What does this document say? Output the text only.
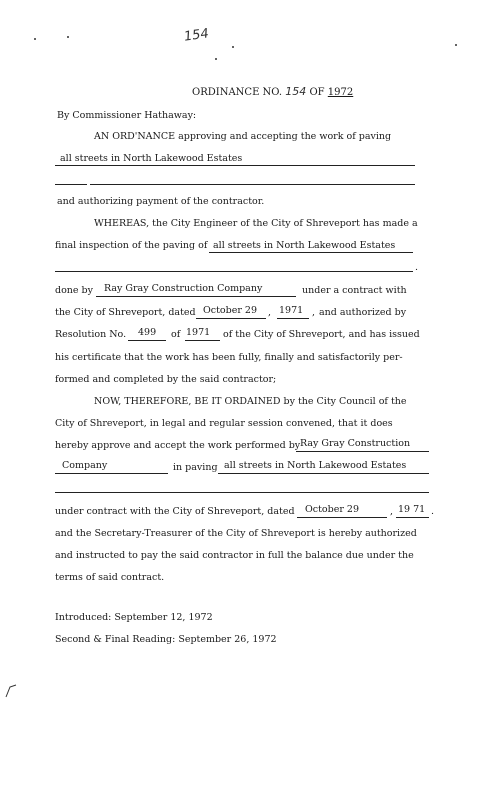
154
ORDINANCE NO. 154 OF 1972
By Commissioner Hathaway:
AN ORD'NANCE approving and accepting the work of paving
all streets in North Lakewood Estates
and authorizing payment of the contractor.
WHEREAS, the City Engineer of the City of Shreveport has made a
final inspection of the paving of all streets in North Lakewood Estates
.
done by Ray Gray Construction Company	under a contract with
the City of Shreveport, dated October 29 , 1971 , and authorized by
Resolution No. 499 of 1971 of the City of Shreveport, and has issued
his certificate that the work has been fully, finally and satisfactorily per-
formed and completed by the said contractor;
NOW, THEREFORE, BE IT ORDAINED by the City Council of the
City of Shreveport, in legal and regular session convened, that it does
hereby approve and accept the work performed by Ray Gray Construction
Company	in paving all streets in North Lakewood Estates
under contract with the City of Shreveport, dated October 29	, 19 71 .
and the Secretary-Treasurer of the City of Shreveport is hereby authorized
and instructed to pay the said contractor in full the balance due under the
terms of said contract.
Introduced: September 12, 1972
Second & Final Reading: September 26, 1972
